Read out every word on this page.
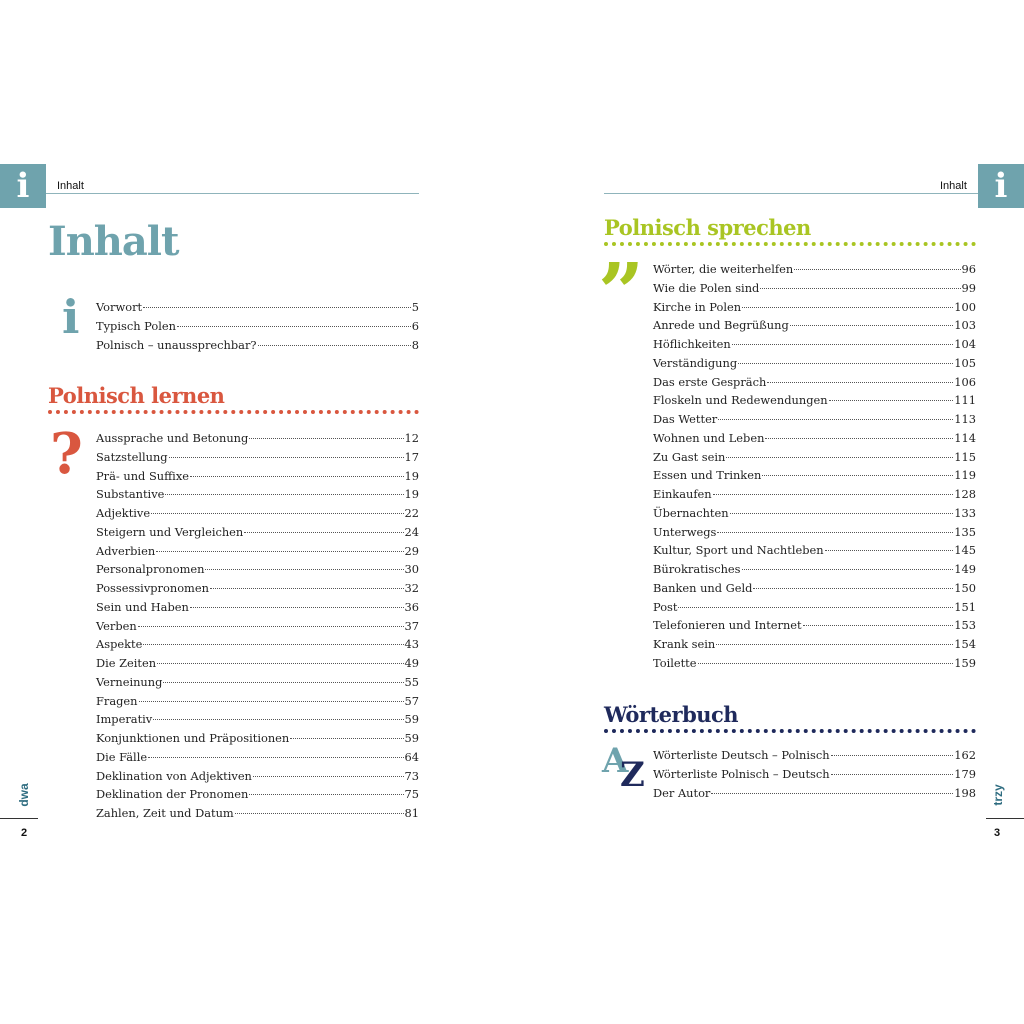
i	Inhalt
Inhalt
i Vorwort	5
Typisch Polen	6
Polnisch – unaussprechbar?	8
Polnisch lernen
? Aussprache und Betonung	12
Satzstellung	17
Prä- und Suffixe	19
Substantive	19
Adjektive	22
Steigern und Vergleichen	24
Adverbien	29
Personalpronomen	30
Possessivpronomen	32
Sein und Haben	36
Verben	37
Aspekte	43
Die Zeiten	49
Verneinung	55
Fragen	57
Imperativ	59
Konjunktionen und Präpositionen	59
Die Fälle	64
Deklination von Adjektiven	73
Deklination der Pronomen	75
Zahlen, Zeit und Datum	81
dwa
2
Inhalt i
Polnisch sprechen
” Wörter, die weiterhelfen	96
Wie die Polen sind	99
Kirche in Polen	100
Anrede und Begrüßung	103
Höflichkeiten	104
Verständigung	105
Das erste Gespräch	106
Floskeln und Redewendungen	111
Das Wetter	113
Wohnen und Leben	114
Zu Gast sein	115
Essen und Trinken	119
Einkaufen	128
Übernachten	133
Unterwegs	135
Kultur, Sport und Nachtleben	145
Bürokratisches	149
Banken und Geld	150
Post	151
Telefonieren und Internet	153
Krank sein	154
Toilette	159
Wörterbuch
A
Z Wörterliste Deutsch – Polnisch	162
Wörterliste Polnisch – Deutsch	179
Der Autor	198 trzy
3
